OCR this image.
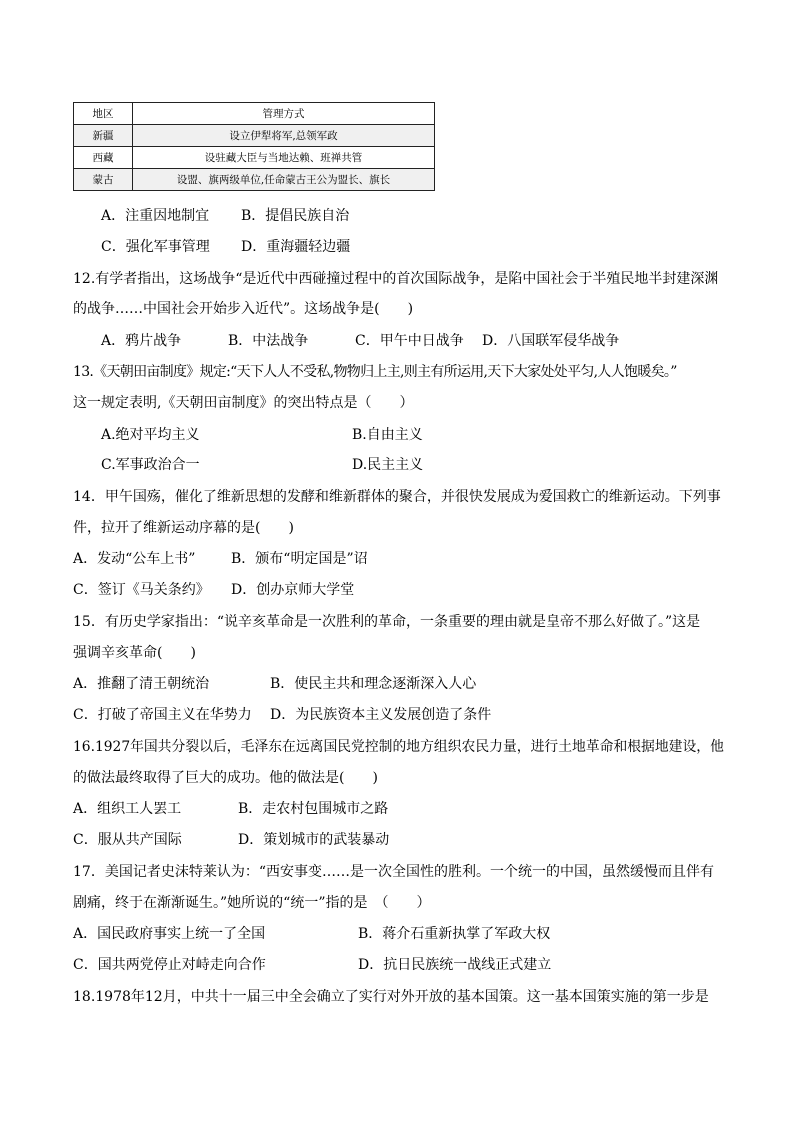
地区	管理方式
新疆	设立伊犁将军,总领军政
西藏	设驻藏大臣与当地达赖、班禅共管
蒙古	设盟、旗两级单位,任命蒙古王公为盟长、旗长
A．注重因地制宜 B．提倡民族自治
C．强化军事管理 D．重海疆轻边疆
12.有学者指出，这场战争“是近代中西碰撞过程中的首次国际战争，是陷中国社会于半殖民地半封建深渊
的战争……中国社会开始步入近代”。这场战争是(　　)
A．鸦片战争	B．中法战争	C．甲午中日战争 D．八国联军侵华战争
13.《天朝田亩制度》规定:“天下人人不受私,物物归上主,则主有所运用,天下大家处处平匀,人人饱暖矣。”
这一规定表明,《天朝田亩制度》的突出特点是（　　）
A.绝对平均主义	B.自由主义
C.军事政治合一	D.民主主义
14．甲午国殇，催化了维新思想的发酵和维新群体的聚合，并很快发展成为爱国救亡的维新运动。下列事
件，拉开了维新运动序幕的是(　　)
A．发动“公车上书”	B．颁布“明定国是”诏
C．签订《马关条约》 D．创办京师大学堂
15．有历史学家指出：“说辛亥革命是一次胜利的革命，一条重要的理由就是皇帝不那么好做了。”这是
强调辛亥革命(　　)
A．推翻了清王朝统治	B．使民主共和理念逐渐深入人心
C．打破了帝国主义在华势力 D．为民族资本主义发展创造了条件
16.1927年国共分裂以后，毛泽东在远离国民党控制的地方组织农民力量，进行土地革命和根据地建设，他
的做法最终取得了巨大的成功。他的做法是(　　)
A．组织工人罢工	B．走农村包围城市之路
C．服从共产国际	D．策划城市的武装暴动
17．美国记者史沫特莱认为：“西安事变……是一次全国性的胜利。一个统一的中国，虽然缓慢而且伴有
剧痛，终于在渐渐诞生。”她所说的“统一”指的是　（　　）
A．国民政府事实上统一了全国	B．蒋介石重新执掌了军政大权
C．国共两党停止对峙走向合作	D．抗日民族统一战线正式建立
18.1978年12月，中共十一届三中全会确立了实行对外开放的基本国策。这一基本国策实施的第一步是
